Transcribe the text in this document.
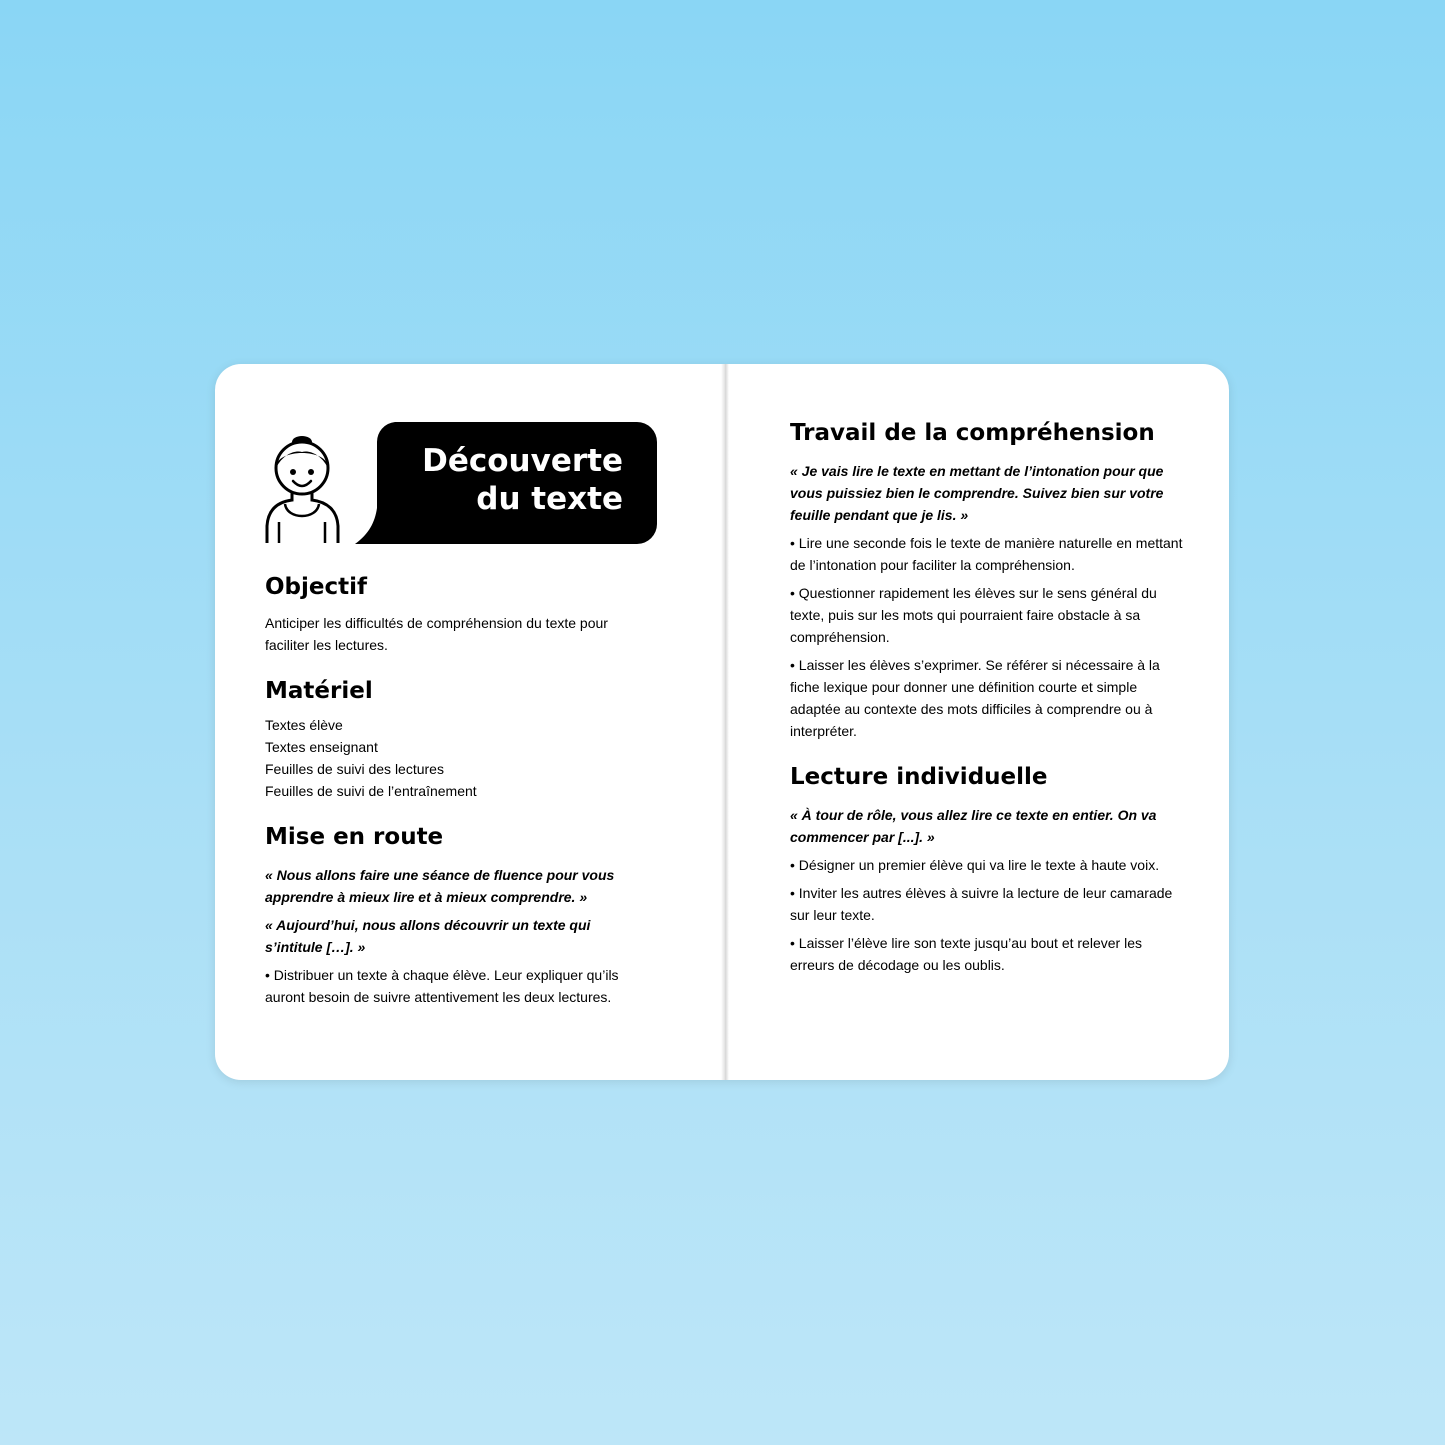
Découverte
du texte
Objectif

Anticiper les difficultés de compréhension du texte pour faciliter les lectures.

Matériel
Textes élève
Textes enseignant
Feuilles de suivi des lectures
Feuilles de suivi de l’entraînement
Mise en route

« Nous allons faire une séance de fluence pour vous apprendre à mieux lire et à mieux comprendre. »

« Aujourd’hui, nous allons découvrir un texte qui s’intitule […]. »

• Distribuer un texte à chaque élève. Leur expliquer qu’ils auront besoin de suivre attentivement les deux lectures.

Travail de la compréhension

« Je vais lire le texte en mettant de l’intonation pour que vous puissiez bien le comprendre. Suivez bien sur votre feuille pendant que je lis. »

• Lire une seconde fois le texte de manière naturelle en mettant de l’intonation pour faciliter la compréhension.

• Questionner rapidement les élèves sur le sens général du texte, puis sur les mots qui pourraient faire obstacle à sa compréhension.

• Laisser les élèves s’exprimer. Se référer si nécessaire à la fiche lexique pour donner une définition courte et simple adaptée au contexte des mots difficiles à comprendre ou à interpréter.

Lecture individuelle

« À tour de rôle, vous allez lire ce texte en entier. On va commencer par [...]. »

• Désigner un premier élève qui va lire le texte à haute voix.

• Inviter les autres élèves à suivre la lecture de leur camarade sur leur texte.

• Laisser l’élève lire son texte jusqu’au bout et relever les erreurs de décodage ou les oublis.
